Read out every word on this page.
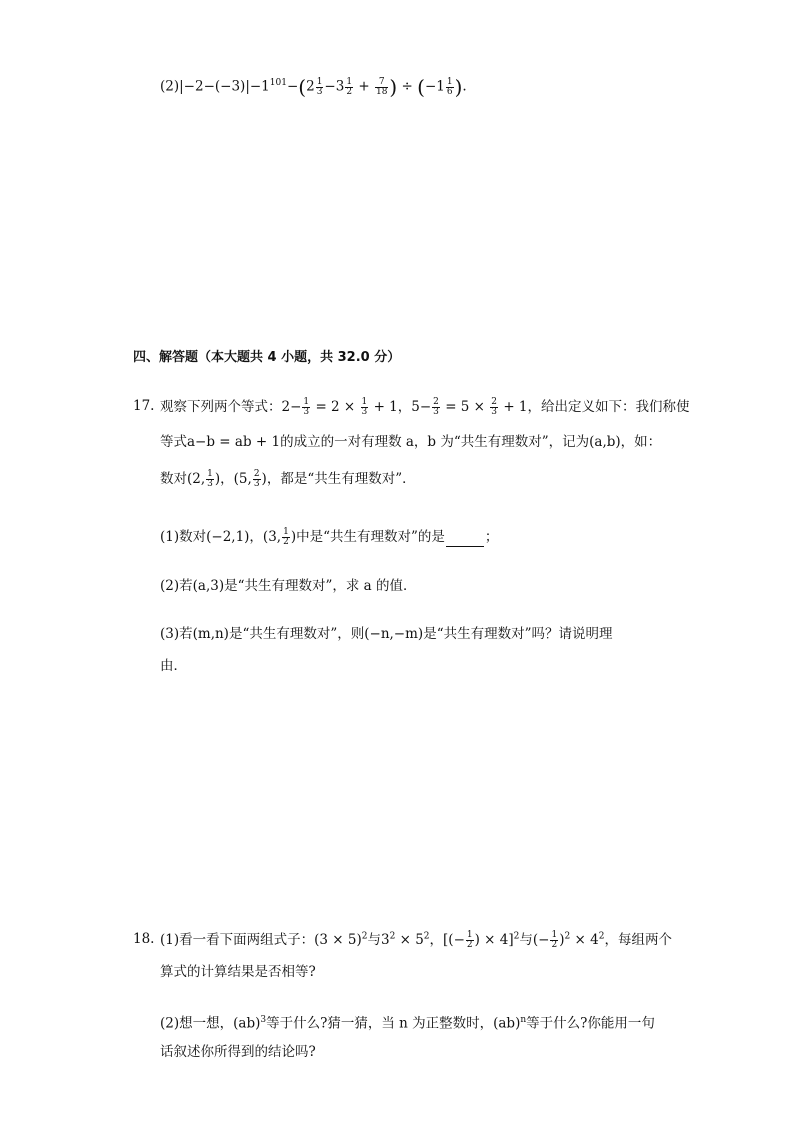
$(2)|-2-(-3)|-1^{101}-(2 \frac{1}{3} -3 \frac{1}{2} + \frac{7}{18}$ ) ÷ ($-1 \frac{1}{6}$ ).
四、解答题（本大题共 4 小题，共 32.0 分）
17. 观察下列两个等式：$2- \frac{1}{3} = 2 \times \frac{1}{3} + 1$，$5- \frac{2}{3} = 5 \times \frac{2}{3} + 1$，给出定义如下：我们称使
等式a−b = ab + 1的成立的一对有理数 a，b 为“共生有理数对”，记为(a,b)，如：
数对(2, $\frac{1}{3}$ )，(5, $\frac{2}{3}$ )，都是“共生有理数对”．
(1)数对(−2,1)，(3, $\frac{1}{2}$ )中是“共生有理数对”的是	；
(2)若(a,3)是“共生有理数对”，求 a 的值．
(3)若(m,n)是“共生有理数对”，则(−n,−m)是“共生有理数对”吗？请说明理
由．
18. (1)看一看下面两组式子：$(3 \times 5)^2$与$3^2 \times 5^2$，[(− $\frac{1}{2}$ ) × 4]$^2$与(− $\frac{1}{2} )^2 \times 4^2$，每组两个
算式的计算结果是否相等?
(2)想一想，(ab)$^3$等于什么?猜一猜，当 n 为正整数时，(ab)$^n$等于什么?你能用一句
话叙述你所得到的结论吗?
